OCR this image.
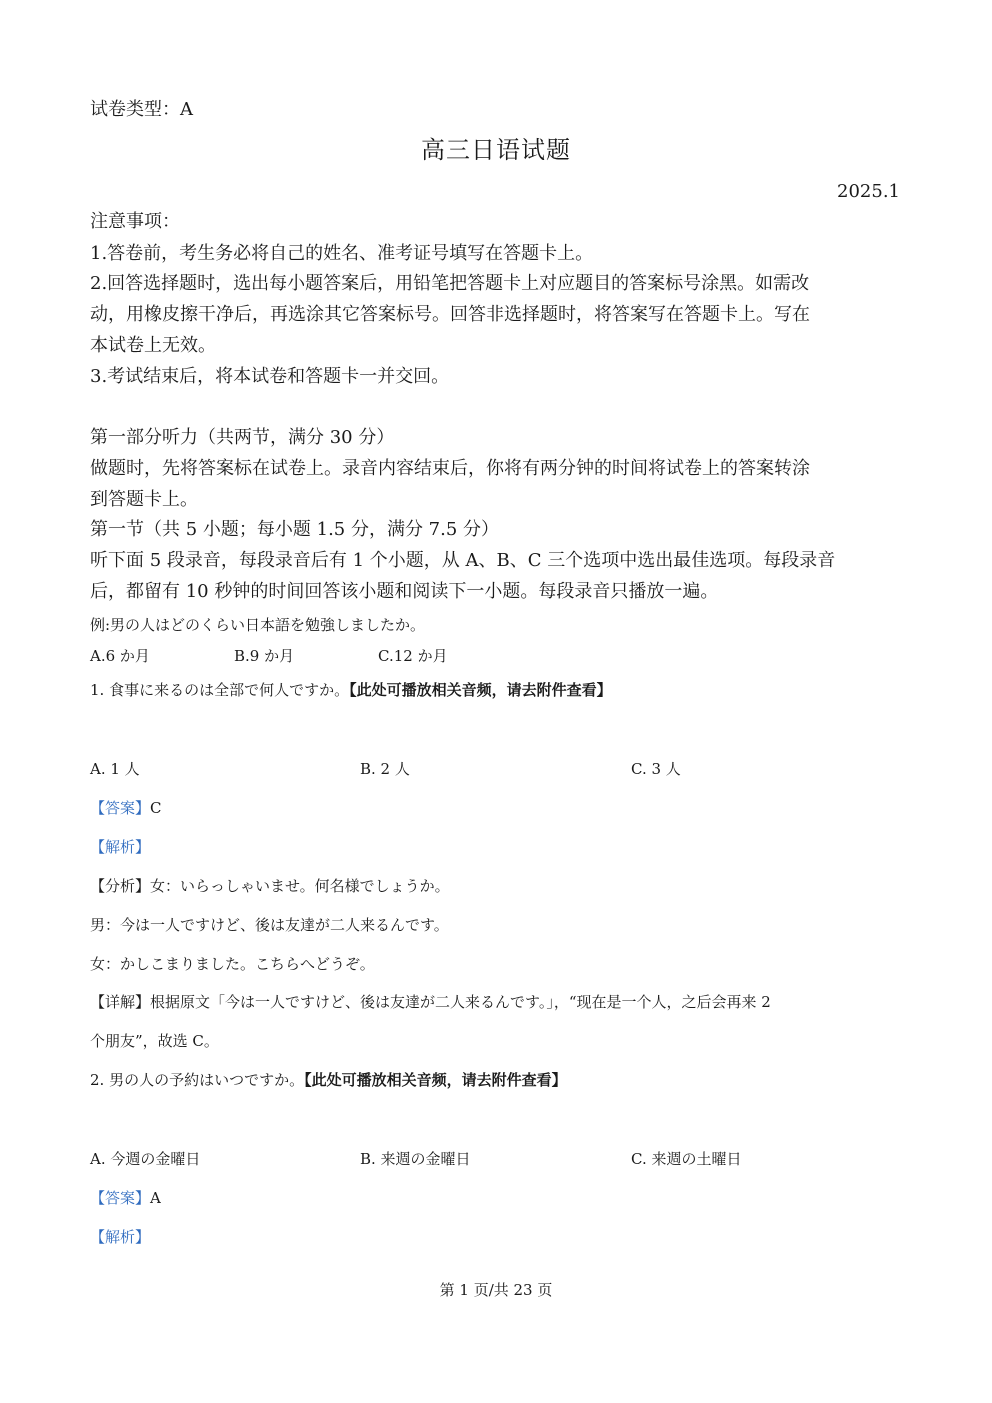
试卷类型：A
高三日语试题
2025.1
注意事项：
1.答卷前，考生务必将自己的姓名、准考证号填写在答题卡上。
2.回答选择题时，选出每小题答案后，用铅笔把答题卡上对应题目的答案标号涂黑。如需改
动，用橡皮擦干净后，再选涂其它答案标号。回答非选择题时，将答案写在答题卡上。写在
本试卷上无效。
3.考试结束后，将本试卷和答题卡一并交回。
第一部分听力（共两节，满分 30 分）
做题时，先将答案标在试卷上。录音内容结束后，你将有两分钟的时间将试卷上的答案转涂
到答题卡上。
第一节（共 5 小题；每小题 1.5 分，满分 7.5 分）
听下面 5 段录音，每段录音后有 1 个小题，从 A、B、C 三个选项中选出最佳选项。每段录音
后，都留有 10 秒钟的时间回答该小题和阅读下一小题。每段录音只播放一遍。
例:男の人はどのくらい日本語を勉強しましたか。
A.6 か月	B.9 か月	C.12 か月
1. 食事に来るのは全部で何人ですか。【此处可播放相关音频，请去附件查看】
A. 1 人	B. 2 人	C. 3 人
【答案】C
【解析】
【分析】女：いらっしゃいませ。何名様でしょうか。
男：今は一人ですけど、後は友達が二人来るんです。
女：かしこまりました。こちらへどうぞ。
【详解】根据原文「今は一人ですけど、後は友達が二人来るんです。」，“现在是一个人，之后会再来 2
个朋友”，故选 C。
2. 男の人の予約はいつですか。【此处可播放相关音频，请去附件查看】
A. 今週の金曜日	B. 来週の金曜日	C. 来週の土曜日
【答案】A
【解析】
第 1 页/共 23 页
